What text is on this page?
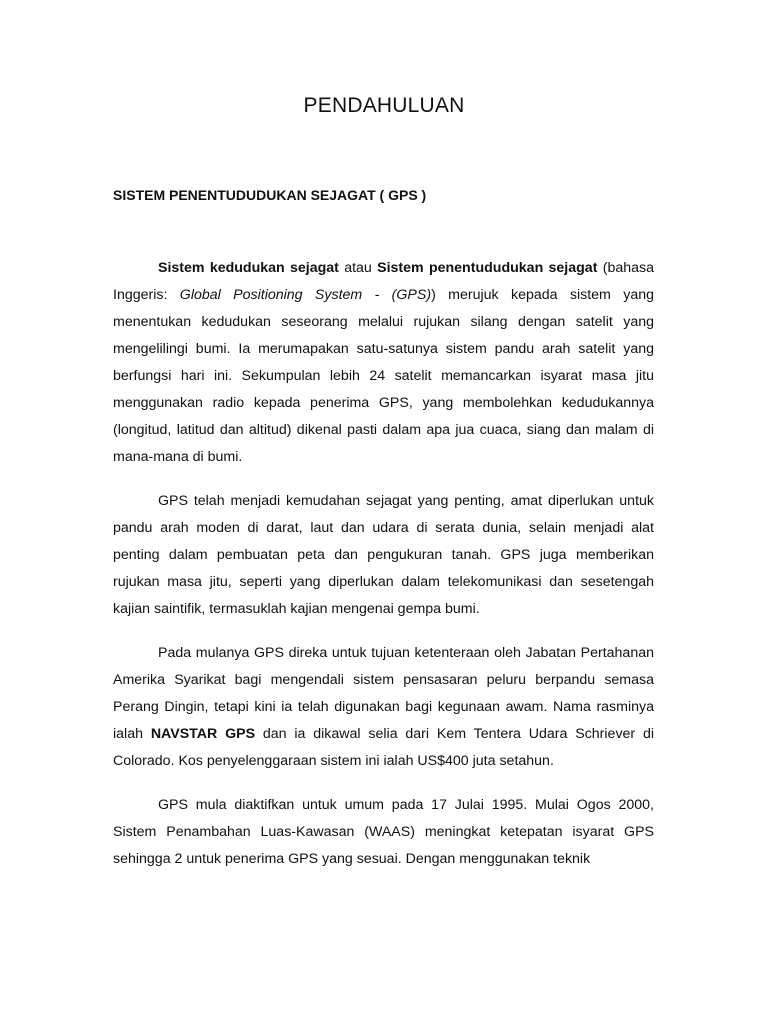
PENDAHULUAN
SISTEM PENENTUDUDUKAN SEJAGAT ( GPS )

Sistem kedudukan sejagat atau Sistem penentududukan sejagat (bahasa Inggeris: Global Positioning System - (GPS)) merujuk kepada sistem yang menentukan kedudukan seseorang melalui rujukan silang dengan satelit yang mengelilingi bumi. Ia merumapakan satu-satunya sistem pandu arah satelit yang berfungsi hari ini. Sekumpulan lebih 24 satelit memancarkan isyarat masa jitu menggunakan radio kepada penerima GPS, yang membolehkan kedudukannya (longitud, latitud dan altitud) dikenal pasti dalam apa jua cuaca, siang dan malam di mana-mana di bumi.

GPS telah menjadi kemudahan sejagat yang penting, amat diperlukan untuk pandu arah moden di darat, laut dan udara di serata dunia, selain menjadi alat penting dalam pembuatan peta dan pengukuran tanah. GPS juga memberikan rujukan masa jitu, seperti yang diperlukan dalam telekomunikasi dan sesetengah kajian saintifik, termasuklah kajian mengenai gempa bumi.

Pada mulanya GPS direka untuk tujuan ketenteraan oleh Jabatan Pertahanan Amerika Syarikat bagi mengendali sistem pensasaran peluru berpandu semasa Perang Dingin, tetapi kini ia telah digunakan bagi kegunaan awam. Nama rasminya ialah NAVSTAR GPS dan ia dikawal selia dari Kem Tentera Udara Schriever di Colorado. Kos penyelenggaraan sistem ini ialah US$400 juta setahun.

GPS mula diaktifkan untuk umum pada 17 Julai 1995. Mulai Ogos 2000, Sistem Penambahan Luas-Kawasan (WAAS) meningkat ketepatan isyarat GPS sehingga 2 untuk penerima GPS yang sesuai. Dengan menggunakan teknik
